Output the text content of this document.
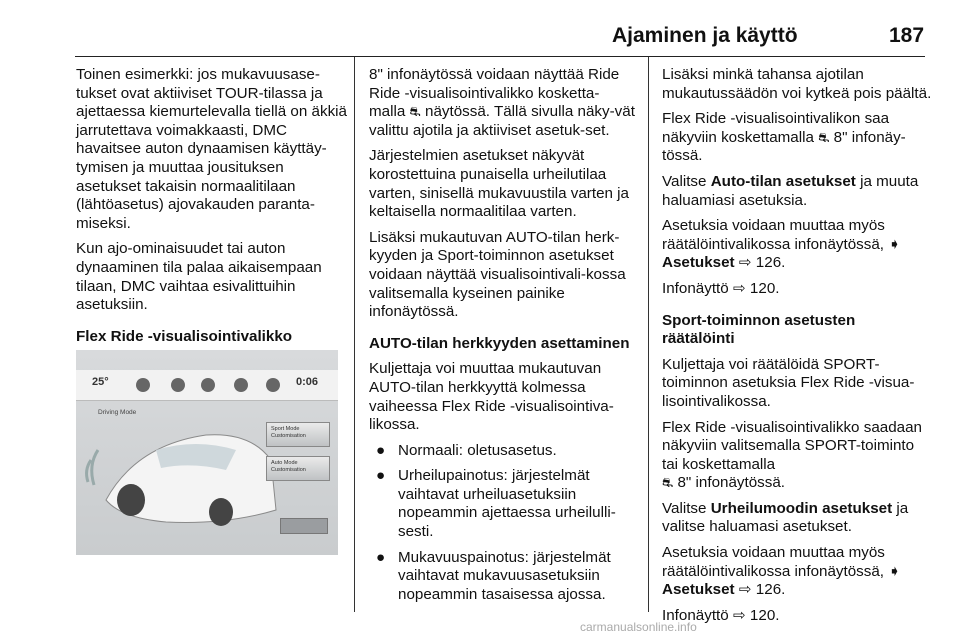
Ajaminen ja käyttö	187

Toinen esimerkki: jos mukavuusase-tukset ovat aktiiviset TOUR-tilassa ja ajettaessa kiemurtelevalla tiellä on äkkiä jarrutettava voimakkaasti, DMC havaitsee auton dynaamisen käyttäy-tymisen ja muuttaa jousituksen asetukset takaisin normaalitilaan (lähtöasetus) ajovakauden paranta-miseksi.

Kun ajo-ominaisuudet tai auton dynaaminen tila palaa aikaisempaan tilaan, DMC vaihtaa esivalittuihin asetuksiin.

Flex Ride -visualisointivalikko

25°	0:06
Driving Mode
Sport Mode Customisation
Auto Mode Customisation

8" infonäytössä voidaan näyttää Ride Ride -visualisointivalikko kosketta-malla ⛐ näytössä. Tällä sivulla näky-vät valittu ajotila ja aktiiviset asetuk-set.

Järjestelmien asetukset näkyvät korostettuina punaisella urheilutilaa varten, sinisellä mukavuustila varten ja keltaisella normaalitilaa varten.

Lisäksi mukautuvan AUTO-tilan herk-kyyden ja Sport-toiminnon asetukset voidaan näyttää visualisointivali-kossa valitsemalla kyseinen painike infonäytössä.

AUTO-tilan herkkyyden asettaminen

Kuljettaja voi muuttaa mukautuvan AUTO-tilan herkkyyttä kolmessa vaiheessa Flex Ride -visualisointiva-likossa.

● Normaali: oletusasetus.
● Urheilupainotus: järjestelmät vaihtavat urheiluasetuksiin nopeammin ajettaessa urheilulli-sesti.
● Mukavuuspainotus: järjestelmät vaihtavat mukavuusasetuksiin nopeammin tasaisessa ajossa.

Lisäksi minkä tahansa ajotilan mukautussäädön voi kytkeä pois päältä.

Flex Ride -visualisointivalikon saa näkyviin koskettamalla ⛐ 8" infonäy-tössä.

Valitse Auto-tilan asetukset ja muuta haluamiasi asetuksia.

Asetuksia voidaan muuttaa myös räätälöintivalikossa infonäytössä, ➧
Asetukset ⇨ 126.

Infonäyttö ⇨ 120.

Sport-toiminnon asetusten räätälöinti

Kuljettaja voi räätälöidä SPORT-toiminnon asetuksia Flex Ride -visua-lisointivalikossa.

Flex Ride -visualisointivalikko saadaan näkyviin valitsemalla SPORT-toiminto tai koskettamalla
⛐ 8" infonäytössä.

Valitse Urheilumoodin asetukset ja valitse haluamasi asetukset.

Asetuksia voidaan muuttaa myös räätälöintivalikossa infonäytössä, ➧
Asetukset ⇨ 126.

Infonäyttö ⇨ 120.

carmanualsonline.info
